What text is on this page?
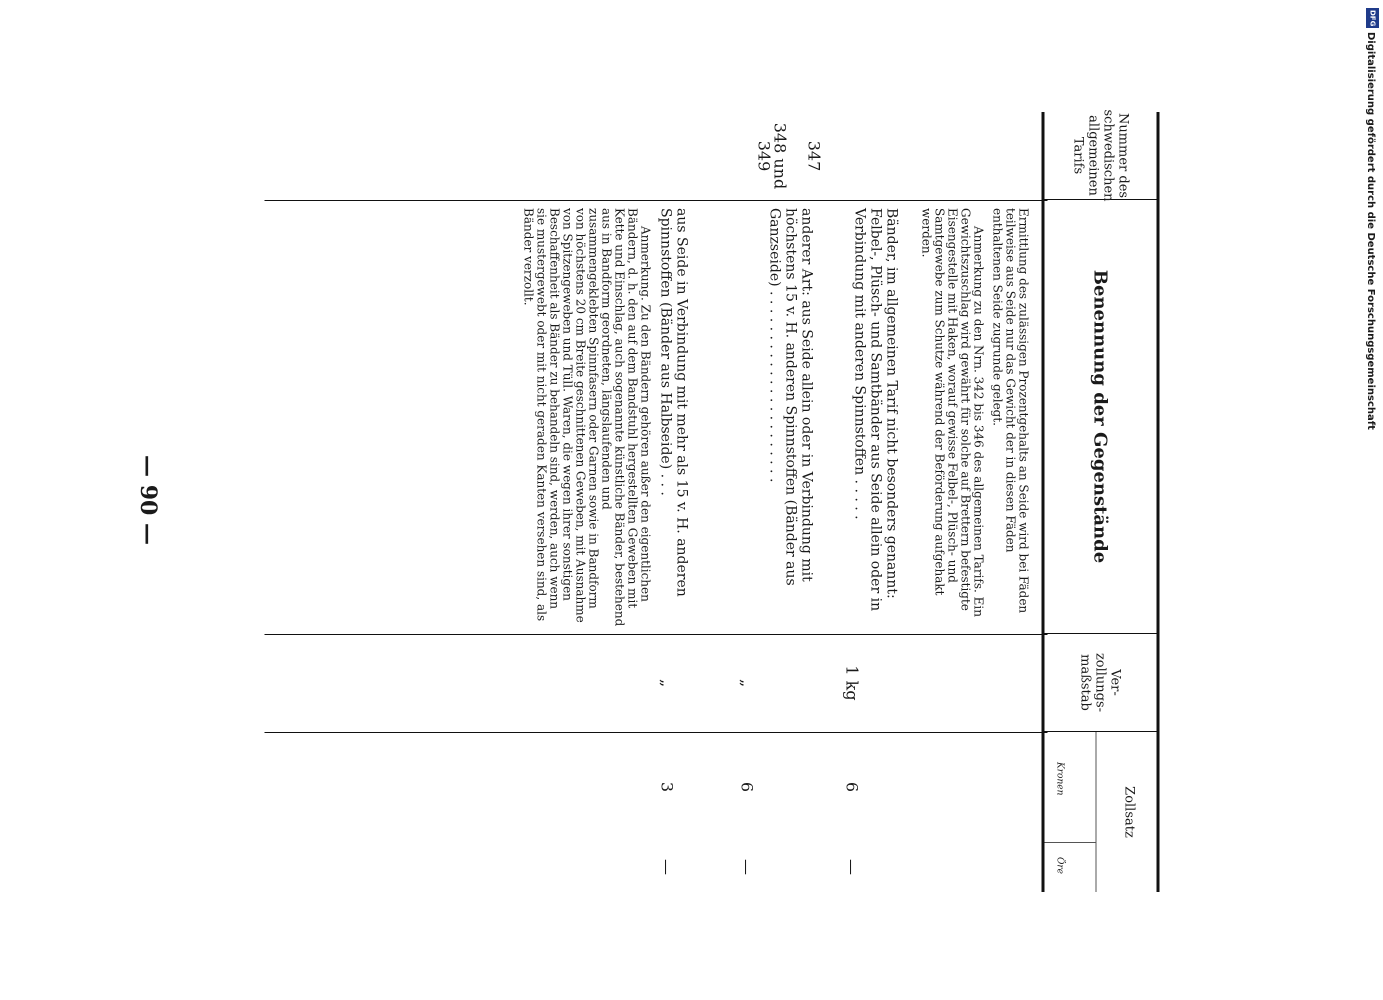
— 90 —
Nummer des schwedischen allgemeinen Tarifs
Benennung der Gegenstände
Ver- zollungs- maßstab
Zollsatz
Kronen
Öre
Ermittlung des zulässigen Prozentgehalts an Seide wird bei Fäden teilweise aus Seide nur das Gewicht der in diesen Fäden enthaltenen Seide zugrunde gelegt.
Anmerkung zu den Nrn. 342 bis 346 des allgemeinen Tarifs. Ein Gewichtszuschlag wird gewährt für solche auf Brettern befestigte Eisengestelle mit Haken, worauf gewisse Felbel-, Plüsch- und Samtgewebe zum Schutze während der Beförderung aufgehakt werden.
347
Bänder, im allgemeinen Tarif nicht besonders genannt: Felbel-, Plüsch- und Samtbänder aus Seide allein oder in Verbindung mit anderen Spinnstoffen . . . . .
1 kg
6
—
348 und 349
anderer Art: aus Seide allein oder in Verbindung mit höchstens 15 v. H. anderen Spinnstoffen (Bänder aus Ganzseide) . . . . . . . . . . . . . . . . . . . . . .
„
6
—
aus Seide in Verbindung mit mehr als 15 v. H. anderen Spinnstoffen (Bänder aus Halbseide) . . .
Anmerkung. Zu den Bändern gehören außer den eigentlichen Bändern, d. h. den auf dem Bandstuhl hergestellten Geweben mit Kette und Einschlag, auch sogenannte künstliche Bänder, bestehend aus in Bandform geordneten, längslaufenden und zusammengeklebten Spinnfasern oder Garnen sowie in Bandform von höchstens 20 cm Breite geschnittenen Geweben, mit Ausnahme von Spitzengeweben und Tüll. Waren, die wegen ihrer sonstigen Beschaffenheit als Bänder zu behandeln sind, werden, auch wenn sie mustergewebt oder mit nicht geraden Kanten versehen sind, als Bänder verzollt.
„
3
—
DFG
Digitalisierung gefördert durch die Deutsche Forschungsgemeinschaft
